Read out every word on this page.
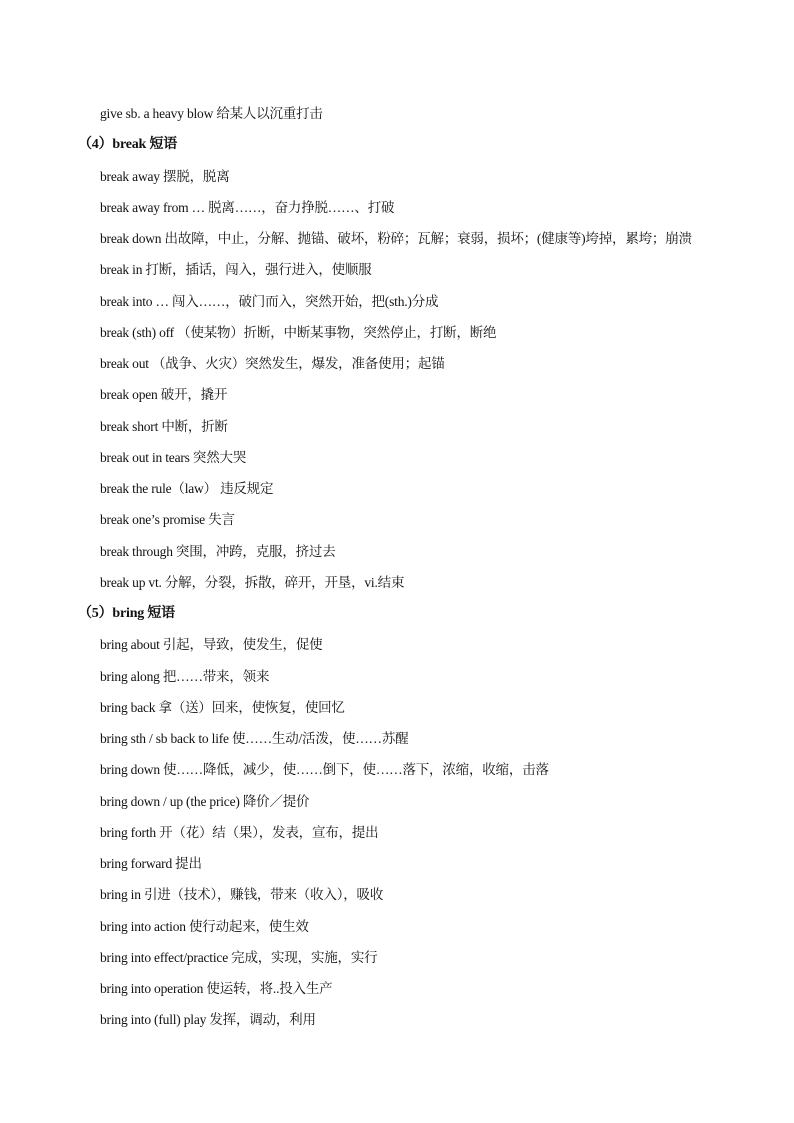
give sb. a heavy blow 给某人以沉重打击
（4）break 短语
break away 摆脱，脱离
break away from … 脱离……，奋力挣脱……、打破
break down 出故障，中止，分解、抛锚、破坏，粉碎；瓦解；衰弱，损坏；(健康等)垮掉，累垮；崩溃
break in 打断，插话，闯入，强行进入，使顺服
break into … 闯入……，破门而入，突然开始，把(sth.)分成
break (sth) off （使某物）折断，中断某事物，突然停止，打断，断绝
break out （战争、火灾）突然发生，爆发，准备使用；起锚
break open 破开，撬开
break short 中断，折断
break out in tears 突然大哭
break the rule（law） 违反规定
break one’s promise 失言
break through 突围，冲跨，克服，挤过去
break up vt. 分解，分裂，拆散，碎开，开垦，vi.结束
（5）bring 短语
bring about 引起，导致，使发生，促使
bring along 把……带来，领来
bring back 拿（送）回来，使恢复，使回忆
bring sth / sb back to life 使……生动/活泼，使……苏醒
bring down 使……降低，减少，使……倒下，使……落下，浓缩，收缩，击落
bring down / up (the price) 降价／提价
bring forth 开（花）结（果），发表，宣布，提出
bring forward 提出
bring in 引进（技术），赚钱，带来（收入），吸收
bring into action 使行动起来，使生效
bring into effect/practice 完成，实现，实施，实行
bring into operation 使运转，将..投入生产
bring into (full) play 发挥，调动，利用
